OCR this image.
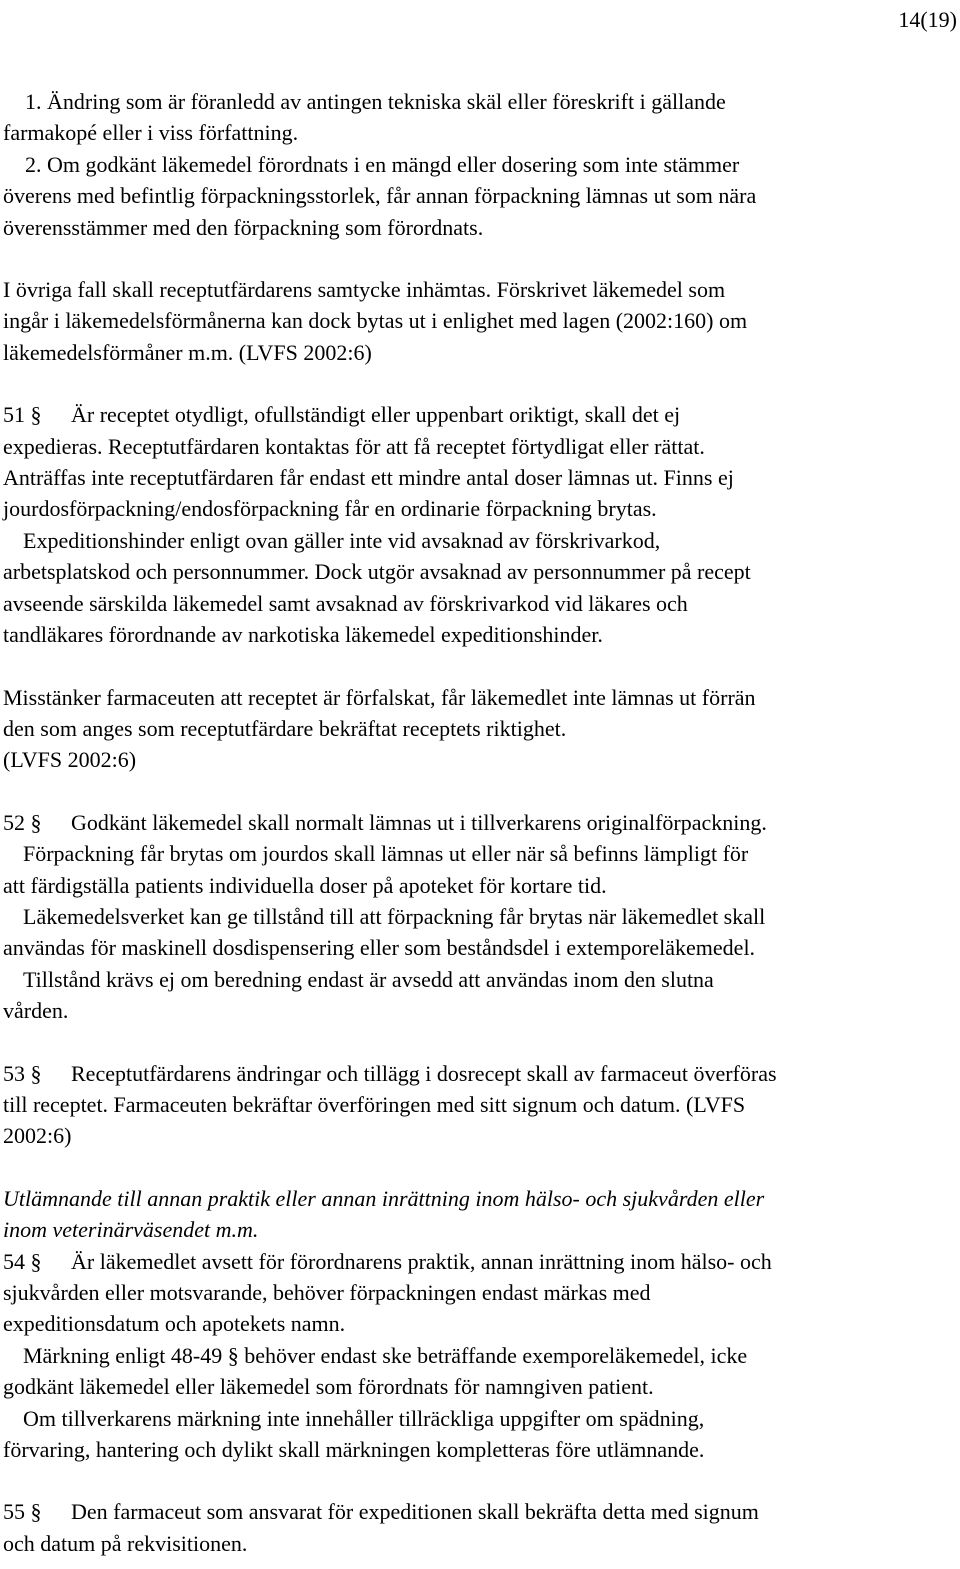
14(19)
1. Ändring som är föranledd av antingen tekniska skäl eller föreskrift i gällande
farmakopé eller i viss författning.
2. Om godkänt läkemedel förordnats i en mängd eller dosering som inte stämmer
överens med befintlig förpackningsstorlek, får annan förpackning lämnas ut som nära
överensstämmer med den förpackning som förordnats.
I övriga fall skall receptutfärdarens samtycke inhämtas. Förskrivet läkemedel som
ingår i läkemedelsförmånerna kan dock bytas ut i enlighet med lagen (2002:160) om
läkemedelsförmåner m.m. (LVFS 2002:6)
51 § Är receptet otydligt, ofullständigt eller uppenbart oriktigt, skall det ej
expedieras. Receptutfärdaren kontaktas för att få receptet förtydligat eller rättat.
Anträffas inte receptutfärdaren får endast ett mindre antal doser lämnas ut. Finns ej
jourdosförpackning/endosförpackning får en ordinarie förpackning brytas.
Expeditionshinder enligt ovan gäller inte vid avsaknad av förskrivarkod,
arbetsplatskod och personnummer. Dock utgör avsaknad av personnummer på recept
avseende särskilda läkemedel samt avsaknad av förskrivarkod vid läkares och
tandläkares förordnande av narkotiska läkemedel expeditionshinder.
Misstänker farmaceuten att receptet är förfalskat, får läkemedlet inte lämnas ut förrän
den som anges som receptutfärdare bekräftat receptets riktighet.
(LVFS 2002:6)
52 § Godkänt läkemedel skall normalt lämnas ut i tillverkarens originalförpackning.
Förpackning får brytas om jourdos skall lämnas ut eller när så befinns lämpligt för
att färdigställa patients individuella doser på apoteket för kortare tid.
Läkemedelsverket kan ge tillstånd till att förpackning får brytas när läkemedlet skall
användas för maskinell dosdispensering eller som beståndsdel i extemporeläkemedel.
Tillstånd krävs ej om beredning endast är avsedd att användas inom den slutna
vården.
53 § Receptutfärdarens ändringar och tillägg i dosrecept skall av farmaceut överföras
till receptet. Farmaceuten bekräftar överföringen med sitt signum och datum. (LVFS
2002:6)
Utlämnande till annan praktik eller annan inrättning inom hälso- och sjukvården eller
inom veterinärväsendet m.m.
54 § Är läkemedlet avsett för förordnarens praktik, annan inrättning inom hälso- och
sjukvården eller motsvarande, behöver förpackningen endast märkas med
expeditionsdatum och apotekets namn.
Märkning enligt 48-49 § behöver endast ske beträffande exemporeläkemedel, icke
godkänt läkemedel eller läkemedel som förordnats för namngiven patient.
Om tillverkarens märkning inte innehåller tillräckliga uppgifter om spädning,
förvaring, hantering och dylikt skall märkningen kompletteras före utlämnande.
55 § Den farmaceut som ansvarat för expeditionen skall bekräfta detta med signum
och datum på rekvisitionen.
